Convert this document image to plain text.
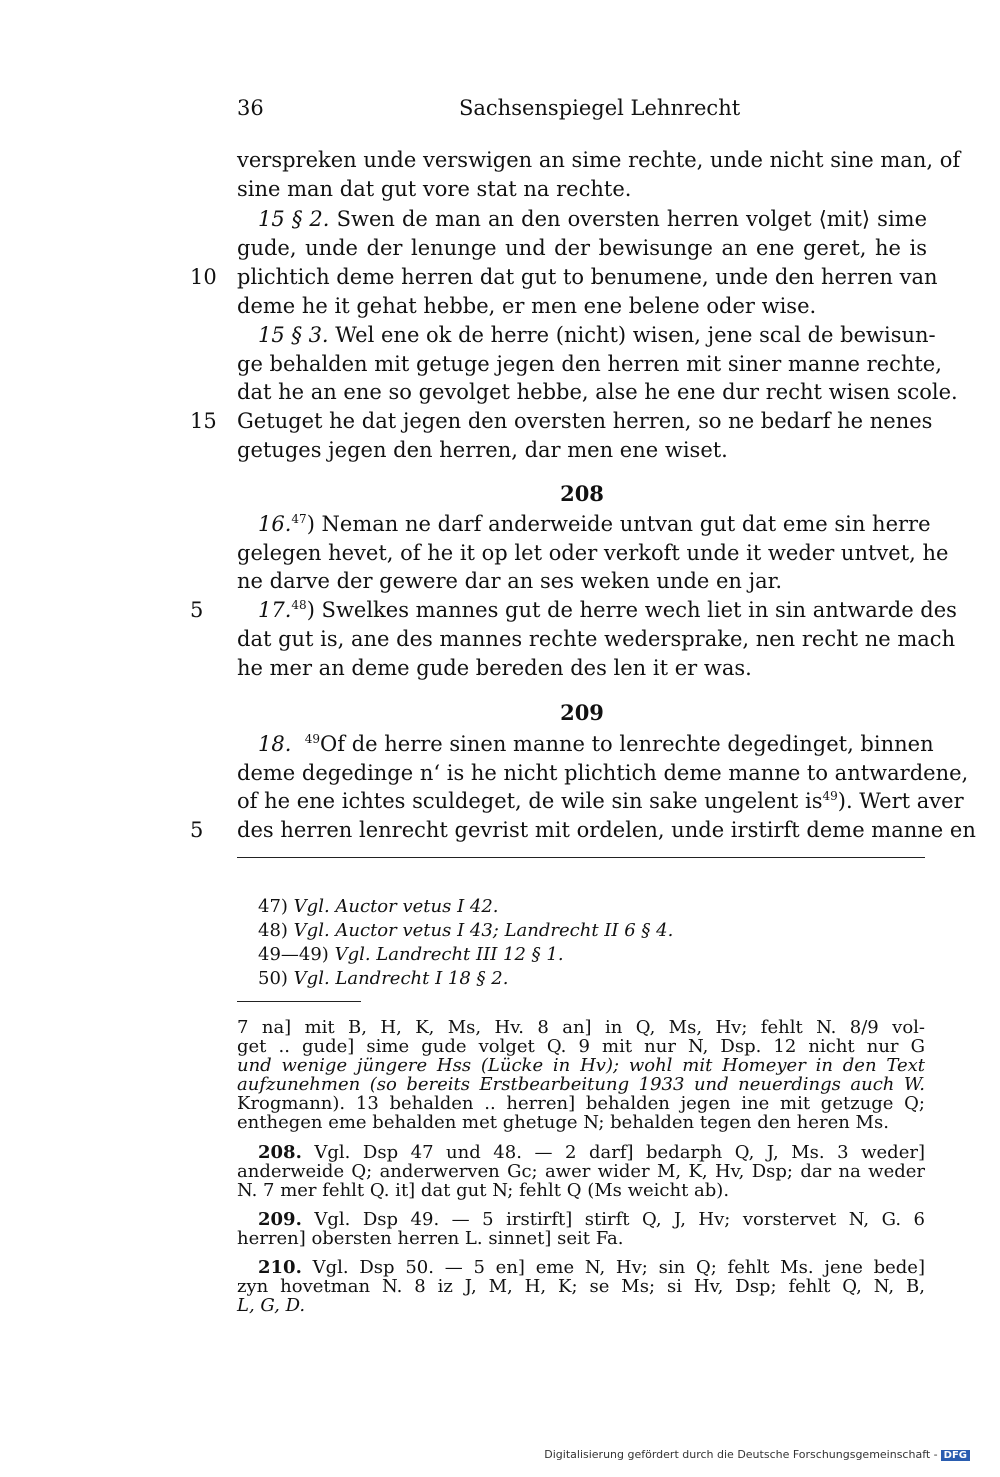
36	Sachsenspiegel Lehnrecht
10
15
5
5
verspreken unde verswigen an sime rechte, unde nicht sine man, of
sine man dat gut vore stat na rechte.
15 § 2. Swen de man an den oversten herren volget ⟨mit⟩ sime
gude, unde der lenunge und der bewisunge an ene geret, he is
plichtich deme herren dat gut to benumene, unde den herren van
deme he it gehat hebbe, er men ene belene oder wise.
15 § 3. Wel ene ok de herre (nicht) wisen, jene scal de bewisun-
ge behalden mit getuge jegen den herren mit siner manne rechte,
dat he an ene so gevolget hebbe, alse he ene dur recht wisen scole.
Getuget he dat jegen den oversten herren, so ne bedarf he nenes
getuges jegen den herren, dar men ene wiset.
208
16.47) Neman ne darf anderweide untvan gut dat eme sin herre
gelegen hevet, of he it op let oder verkoft unde it weder untvet, he
ne darve der gewere dar an ses weken unde en jar.
17.48) Swelkes mannes gut de herre wech liet in sin antwarde des
dat gut is, ane des mannes rechte wedersprake, nen recht ne mach
he mer an deme gude bereden des len it er was.
209
18. $^{49}$Of de herre sinen manne to lenrechte degedinget, binnen
deme degedinge n‘ is he nicht plichtich deme manne to antwardene,
of he ene ichtes sculdeget, de wile sin sake ungelent $is^{49}$). Wert aver
des herren lenrecht gevrist mit ordelen, unde irstirft deme manne en
47) Vgl. Auctor vetus I 42.
48) Vgl. Auctor vetus I 43; Landrecht II 6 § 4.
49—49) Vgl. Landrecht III 12 § 1.
50) Vgl. Landrecht I 18 § 2.
7 na] mit B, H, K, Ms, Hv. 8 an] in Q, Ms, Hv; fehlt N. 8/9 vol-
get .. gude] sime gude volget Q. 9 mit nur N, Dsp. 12 nicht nur G
und wenige jüngere Hss (Lücke in Hv); wohl mit Homeyer in den Text
aufzunehmen (so bereits Erstbearbeitung 1933 und neuerdings auch W.
Krogmann). 13 behalden .. herren] behalden jegen ine mit getzuge Q;
enthegen eme behalden met ghetuge N; behalden tegen den heren Ms.
208. Vgl. Dsp 47 und 48. — 2 darf] bedarph Q, J, Ms. 3 weder]
anderweide Q; anderwerven Gc; awer wider M, K, Hv, Dsp; dar na weder
N. 7 mer fehlt Q. it] dat gut N; fehlt Q (Ms weicht ab).
209. Vgl. Dsp 49. — 5 irstirft] stirft Q, J, Hv; vorstervet N, G. 6
herren] obersten herren L. sinnet] seit Fa.
210. Vgl. Dsp 50. — 5 en] eme N, Hv; sin Q; fehlt Ms. jene bede]
zyn hovetman N. 8 iz J, M, H, K; se Ms; si Hv, Dsp; fehlt Q, N, B,
L, G, D.
Digitalisierung gefördert durch die Deutsche Forschungsgemeinschaft - DFG
